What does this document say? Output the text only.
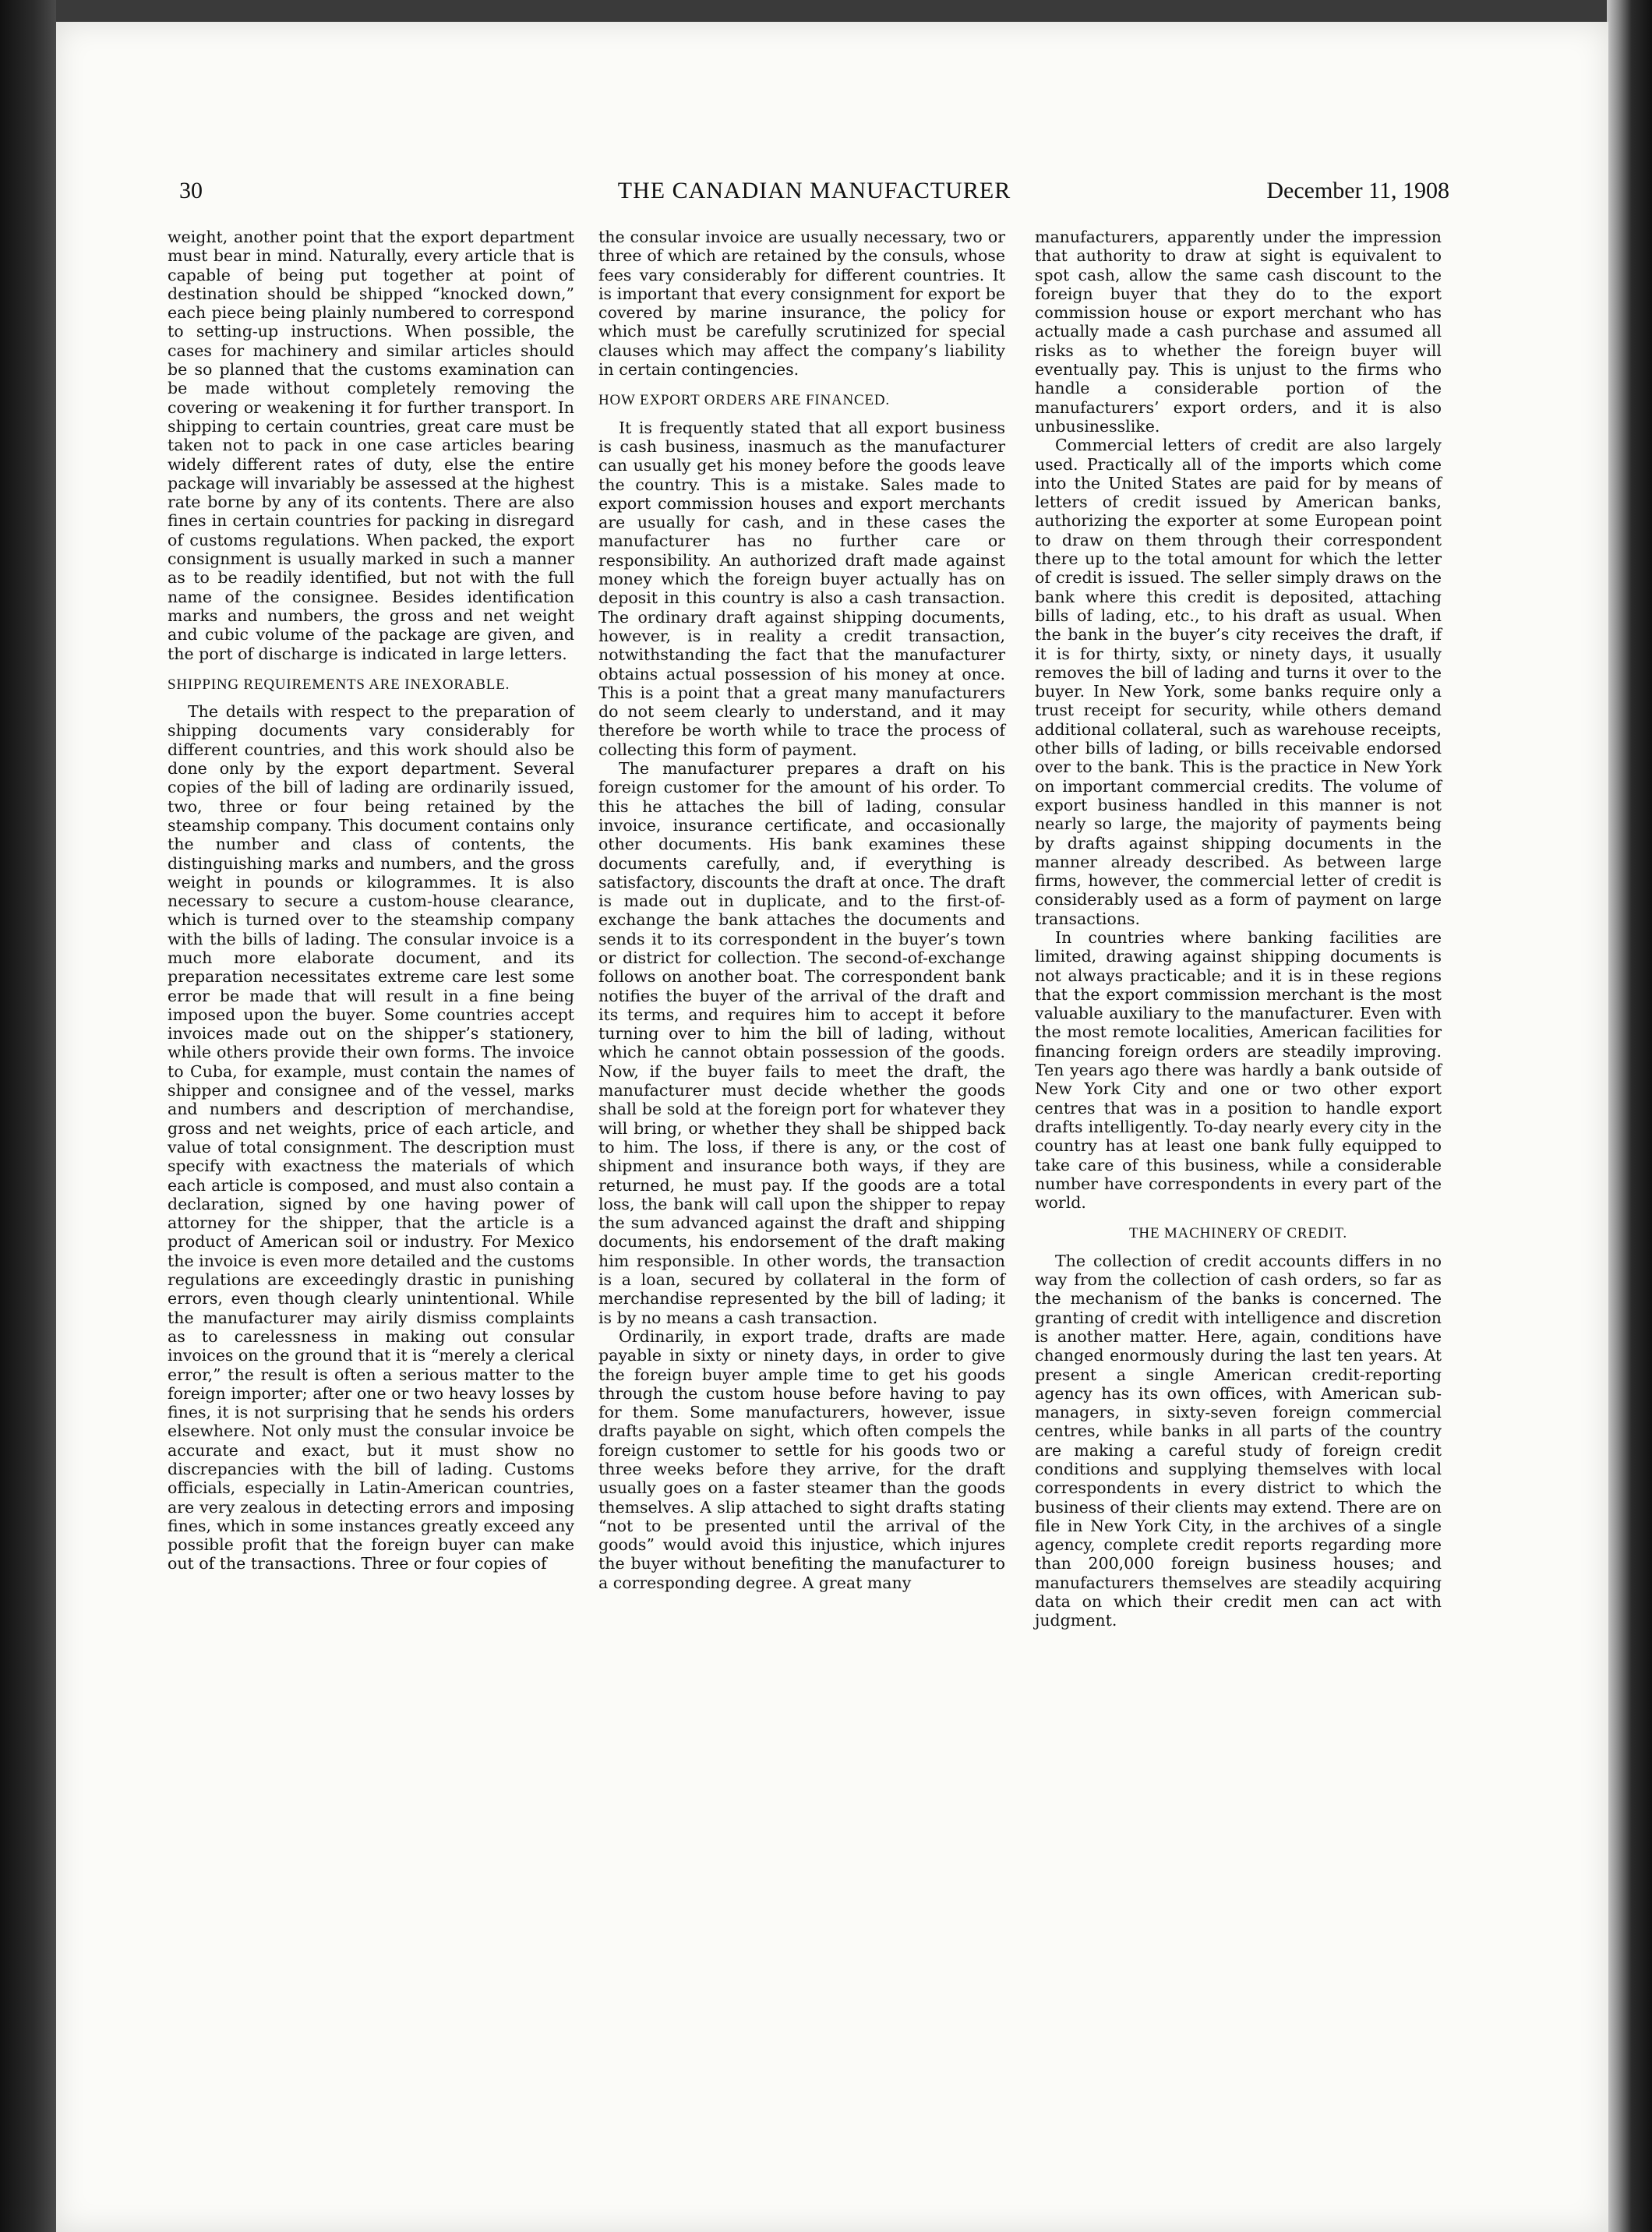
30	THE CANADIAN MANUFACTURER	December 11, 1908

weight, another point that the export department must bear in mind. Naturally, every article that is capable of being put together at point of destination should be shipped “knocked down,” each piece being plainly numbered to correspond to setting-up instructions. When possible, the cases for machinery and similar articles should be so planned that the customs examination can be made without completely removing the covering or weakening it for further transport. In shipping to certain countries, great care must be taken not to pack in one case articles bearing widely different rates of duty, else the entire package will invariably be assessed at the highest rate borne by any of its contents. There are also fines in certain countries for packing in disregard of customs regulations. When packed, the export consignment is usually marked in such a manner as to be readily identified, but not with the full name of the consignee. Besides identification marks and numbers, the gross and net weight and cubic volume of the package are given, and the port of discharge is indicated in large letters.

SHIPPING REQUIREMENTS ARE INEXORABLE.

The details with respect to the preparation of shipping documents vary considerably for different countries, and this work should also be done only by the export department. Several copies of the bill of lading are ordinarily issued, two, three or four being retained by the steamship company. This document contains only the number and class of contents, the distinguishing marks and numbers, and the gross weight in pounds or kilogrammes. It is also necessary to secure a custom-house clearance, which is turned over to the steamship company with the bills of lading. The consular invoice is a much more elaborate document, and its preparation necessitates extreme care lest some error be made that will result in a fine being imposed upon the buyer. Some countries accept invoices made out on the shipper’s stationery, while others provide their own forms. The invoice to Cuba, for example, must contain the names of shipper and consignee and of the vessel, marks and numbers and description of merchandise, gross and net weights, price of each article, and value of total consignment. The description must specify with exactness the materials of which each article is composed, and must also contain a declaration, signed by one having power of attorney for the shipper, that the article is a product of American soil or industry. For Mexico the invoice is even more detailed and the customs regulations are exceedingly drastic in punishing errors, even though clearly unintentional. While the manufacturer may airily dismiss complaints as to carelessness in making out consular invoices on the ground that it is “merely a clerical error,” the result is often a serious matter to the foreign importer; after one or two heavy losses by fines, it is not surprising that he sends his orders elsewhere. Not only must the consular invoice be accurate and exact, but it must show no discrepancies with the bill of lading. Customs officials, especially in Latin-American countries, are very zealous in detecting errors and imposing fines, which in some instances greatly exceed any possible profit that the foreign buyer can make out of the transactions. Three or four copies of

the consular invoice are usually necessary, two or three of which are retained by the consuls, whose fees vary considerably for different countries. It is important that every consignment for export be covered by marine insurance, the policy for which must be carefully scrutinized for special clauses which may affect the company’s liability in certain contingencies.

HOW EXPORT ORDERS ARE FINANCED.

It is frequently stated that all export business is cash business, inasmuch as the manufacturer can usually get his money before the goods leave the country. This is a mistake. Sales made to export commission houses and export merchants are usually for cash, and in these cases the manufacturer has no further care or responsibility. An authorized draft made against money which the foreign buyer actually has on deposit in this country is also a cash transaction. The ordinary draft against shipping documents, however, is in reality a credit transaction, notwithstanding the fact that the manufacturer obtains actual possession of his money at once. This is a point that a great many manufacturers do not seem clearly to understand, and it may therefore be worth while to trace the process of collecting this form of payment.

The manufacturer prepares a draft on his foreign customer for the amount of his order. To this he attaches the bill of lading, consular invoice, insurance certificate, and occasionally other documents. His bank examines these documents carefully, and, if everything is satisfactory, discounts the draft at once. The draft is made out in duplicate, and to the first-of-exchange the bank attaches the documents and sends it to its correspondent in the buyer’s town or district for collection. The second-of-exchange follows on another boat. The correspondent bank notifies the buyer of the arrival of the draft and its terms, and requires him to accept it before turning over to him the bill of lading, without which he cannot obtain possession of the goods. Now, if the buyer fails to meet the draft, the manufacturer must decide whether the goods shall be sold at the foreign port for whatever they will bring, or whether they shall be shipped back to him. The loss, if there is any, or the cost of shipment and insurance both ways, if they are returned, he must pay. If the goods are a total loss, the bank will call upon the shipper to repay the sum advanced against the draft and shipping documents, his endorsement of the draft making him responsible. In other words, the transaction is a loan, secured by collateral in the form of merchandise represented by the bill of lading; it is by no means a cash transaction.

Ordinarily, in export trade, drafts are made payable in sixty or ninety days, in order to give the foreign buyer ample time to get his goods through the custom house before having to pay for them. Some manufacturers, however, issue drafts payable on sight, which often compels the foreign customer to settle for his goods two or three weeks before they arrive, for the draft usually goes on a faster steamer than the goods themselves. A slip attached to sight drafts stating “not to be presented until the arrival of the goods” would avoid this injustice, which injures the buyer without benefiting the manufacturer to a corresponding degree. A great many

manufacturers, apparently under the impression that authority to draw at sight is equivalent to spot cash, allow the same cash discount to the foreign buyer that they do to the export commission house or export merchant who has actually made a cash purchase and assumed all risks as to whether the foreign buyer will eventually pay. This is unjust to the firms who handle a considerable portion of the manufacturers’ export orders, and it is also unbusinesslike.

Commercial letters of credit are also largely used. Practically all of the imports which come into the United States are paid for by means of letters of credit issued by American banks, authorizing the exporter at some European point to draw on them through their correspondent there up to the total amount for which the letter of credit is issued. The seller simply draws on the bank where this credit is deposited, attaching bills of lading, etc., to his draft as usual. When the bank in the buyer’s city receives the draft, if it is for thirty, sixty, or ninety days, it usually removes the bill of lading and turns it over to the buyer. In New York, some banks require only a trust receipt for security, while others demand additional collateral, such as warehouse receipts, other bills of lading, or bills receivable endorsed over to the bank. This is the practice in New York on important commercial credits. The volume of export business handled in this manner is not nearly so large, the majority of payments being by drafts against shipping documents in the manner already described. As between large firms, however, the commercial letter of credit is considerably used as a form of payment on large transactions.

In countries where banking facilities are limited, drawing against shipping documents is not always practicable; and it is in these regions that the export commission merchant is the most valuable auxiliary to the manufacturer. Even with the most remote localities, American facilities for financing foreign orders are steadily improving. Ten years ago there was hardly a bank outside of New York City and one or two other export centres that was in a position to handle export drafts intelligently. To-day nearly every city in the country has at least one bank fully equipped to take care of this business, while a considerable number have correspondents in every part of the world.

THE MACHINERY OF CREDIT.

The collection of credit accounts differs in no way from the collection of cash orders, so far as the mechanism of the banks is concerned. The granting of credit with intelligence and discretion is another matter. Here, again, conditions have changed enormously during the last ten years. At present a single American credit-reporting agency has its own offices, with American sub-managers, in sixty-seven foreign commercial centres, while banks in all parts of the country are making a careful study of foreign credit conditions and supplying themselves with local correspondents in every district to which the business of their clients may extend. There are on file in New York City, in the archives of a single agency, complete credit reports regarding more than 200,000 foreign business houses; and manufacturers themselves are steadily acquiring data on which their credit men can act with judgment.
